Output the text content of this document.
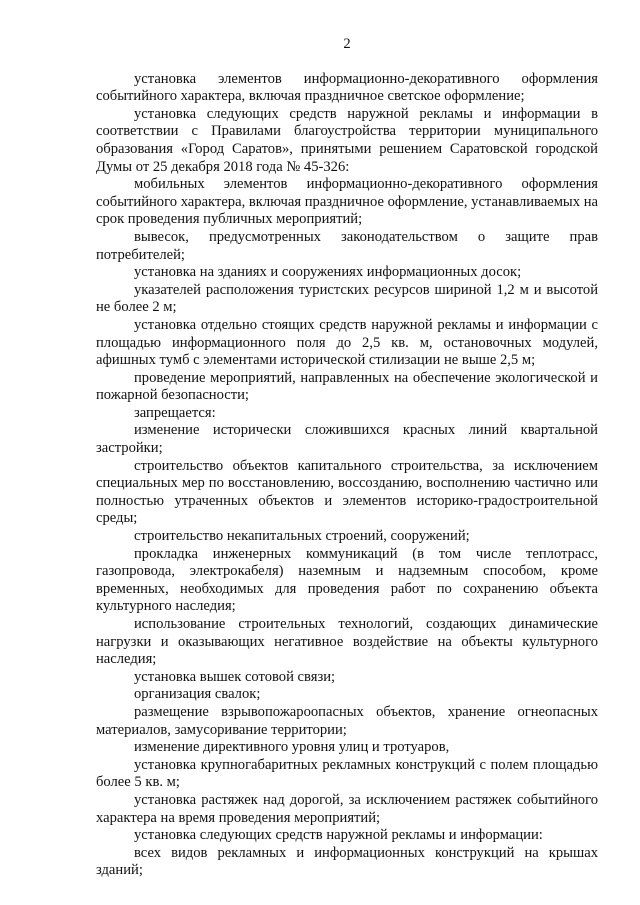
2

установка элементов информационно-декоративного оформления событийного характера, включая праздничное светское оформление;

установка следующих средств наружной рекламы и информации в соответствии с Правилами благоустройства территории муниципального образования «Город Саратов», принятыми решением Саратовской городской Думы от 25 декабря 2018 года № 45-326:

мобильных элементов информационно-декоративного оформления событийного характера, включая праздничное оформление, устанавливаемых на срок проведения публичных мероприятий;

вывесок, предусмотренных законодательством о защите прав потребителей;

установка на зданиях и сооружениях информационных досок;

указателей расположения туристских ресурсов шириной 1,2 м и высотой не более 2 м;

установка отдельно стоящих средств наружной рекламы и информации с площадью информационного поля до 2,5 кв. м, остановочных модулей, афишных тумб с элементами исторической стилизации не выше 2,5 м;

проведение мероприятий, направленных на обеспечение экологической и пожарной безопасности;

запрещается:

изменение исторически сложившихся красных линий квартальной застройки;

строительство объектов капитального строительства, за исключением специальных мер по восстановлению, воссозданию, восполнению частично или полностью утраченных объектов и элементов историко-градостроительной среды;

строительство некапитальных строений, сооружений;

прокладка инженерных коммуникаций (в том числе теплотрасс, газопровода, электрокабеля) наземным и надземным способом, кроме временных, необходимых для проведения работ по сохранению объекта культурного наследия;

использование строительных технологий, создающих динамические нагрузки и оказывающих негативное воздействие на объекты культурного наследия;

установка вышек сотовой связи;

организация свалок;

размещение взрывопожароопасных объектов, хранение огнеопасных материалов, замусоривание территории;

изменение директивного уровня улиц и тротуаров,

установка крупногабаритных рекламных конструкций с полем площадью более 5 кв. м;

установка растяжек над дорогой, за исключением растяжек событийного характера на время проведения мероприятий;

установка следующих средств наружной рекламы и информации:

всех видов рекламных и информационных конструкций на крышах зданий;
